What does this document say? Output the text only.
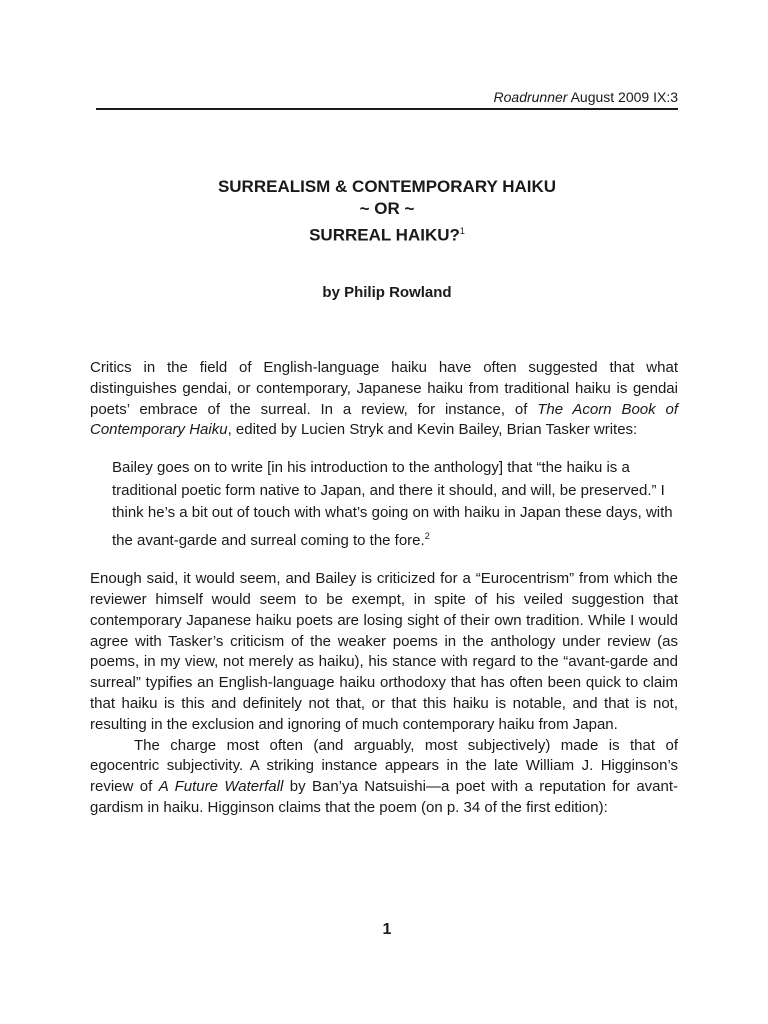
Roadrunner August 2009 IX:3
SURREALISM & CONTEMPORARY HAIKU
~ OR ~
SURREAL HAIKU?$^1$
by Philip Rowland

Critics in the field of English-language haiku have often suggested that what distinguishes gendai, or contemporary, Japanese haiku from traditional haiku is gendai poets’ embrace of the surreal. In a review, for instance, of The Acorn Book of Contemporary Haiku, edited by Lucien Stryk and Kevin Bailey, Brian Tasker writes:

Bailey goes on to write [in his introduction to the anthology] that “the haiku is a traditional poetic form native to Japan, and there it should, and will, be preserved.” I think he’s a bit out of touch with what’s going on with haiku in Japan these days, with the avant-garde and surreal coming to the fore.$^2$

Enough said, it would seem, and Bailey is criticized for a “Eurocentrism” from which the reviewer himself would seem to be exempt, in spite of his veiled suggestion that contemporary Japanese haiku poets are losing sight of their own tradition. While I would agree with Tasker’s criticism of the weaker poems in the anthology under review (as poems, in my view, not merely as haiku), his stance with regard to the “avant-garde and surreal” typifies an English-language haiku orthodoxy that has often been quick to claim that haiku is this and definitely not that, or that this haiku is notable, and that is not, resulting in the exclusion and ignoring of much contemporary haiku from Japan.

The charge most often (and arguably, most subjectively) made is that of egocentric subjectivity. A striking instance appears in the late William J. Higginson’s review of A Future Waterfall by Ban’ya Natsuishi—a poet with a reputation for avant-gardism in haiku. Higginson claims that the poem (on p. 34 of the first edition):

1
